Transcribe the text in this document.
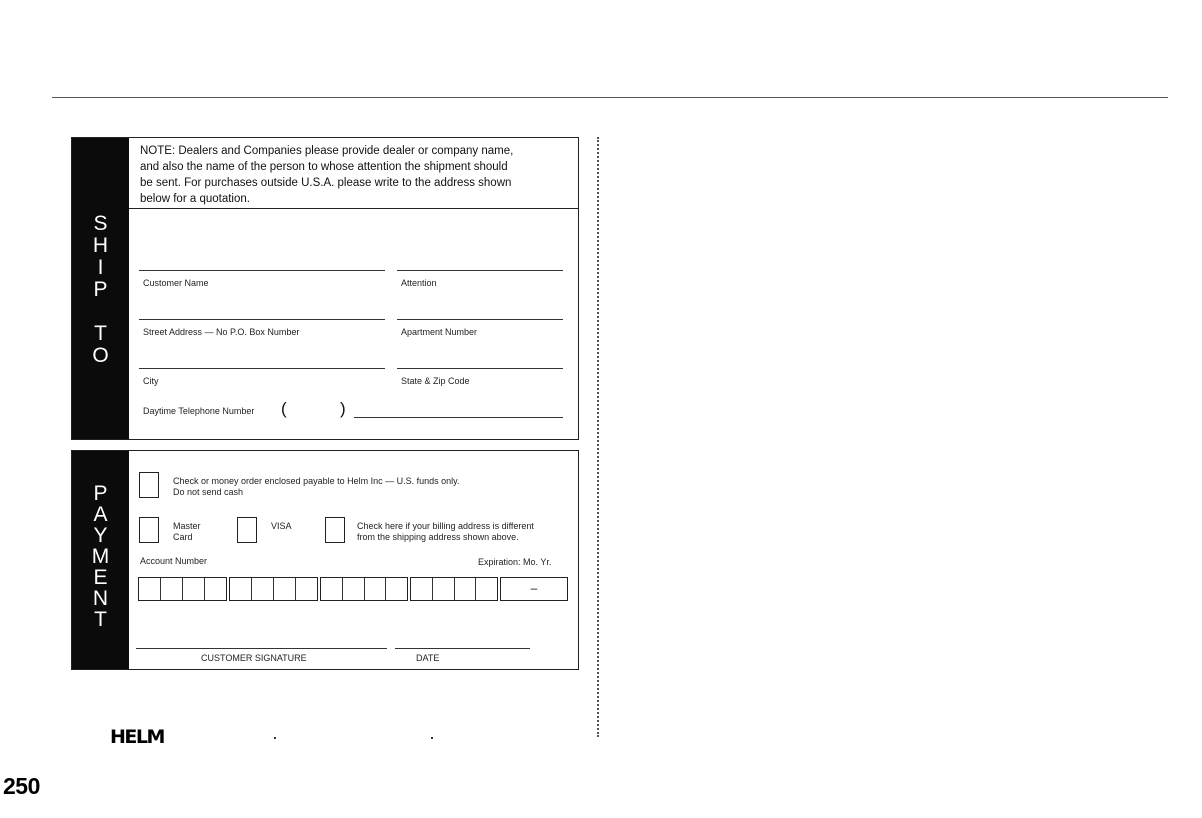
S
H
I
P
T
O
NOTE: Dealers and Companies please provide dealer or company name,
and also the name of the person to whose attention the shipment should
be sent. For purchases outside U.S.A. please write to the address shown
below for a quotation.
Customer Name	Attention
Street Address — No P.O. Box Number	Apartment Number
City	State & Zip Code
Daytime Telephone Number (	)
P
A
Y
M
E
N
T
Check or money order enclosed payable to Helm Inc — U.S. funds only.
Do not send cash
Master
Card
VISA	Check here if your billing address is different
from the shipping address shown above.
Account Number	Expiration: Mo. Yr.
–
CUSTOMER SIGNATURE	DATE
HELM
250
